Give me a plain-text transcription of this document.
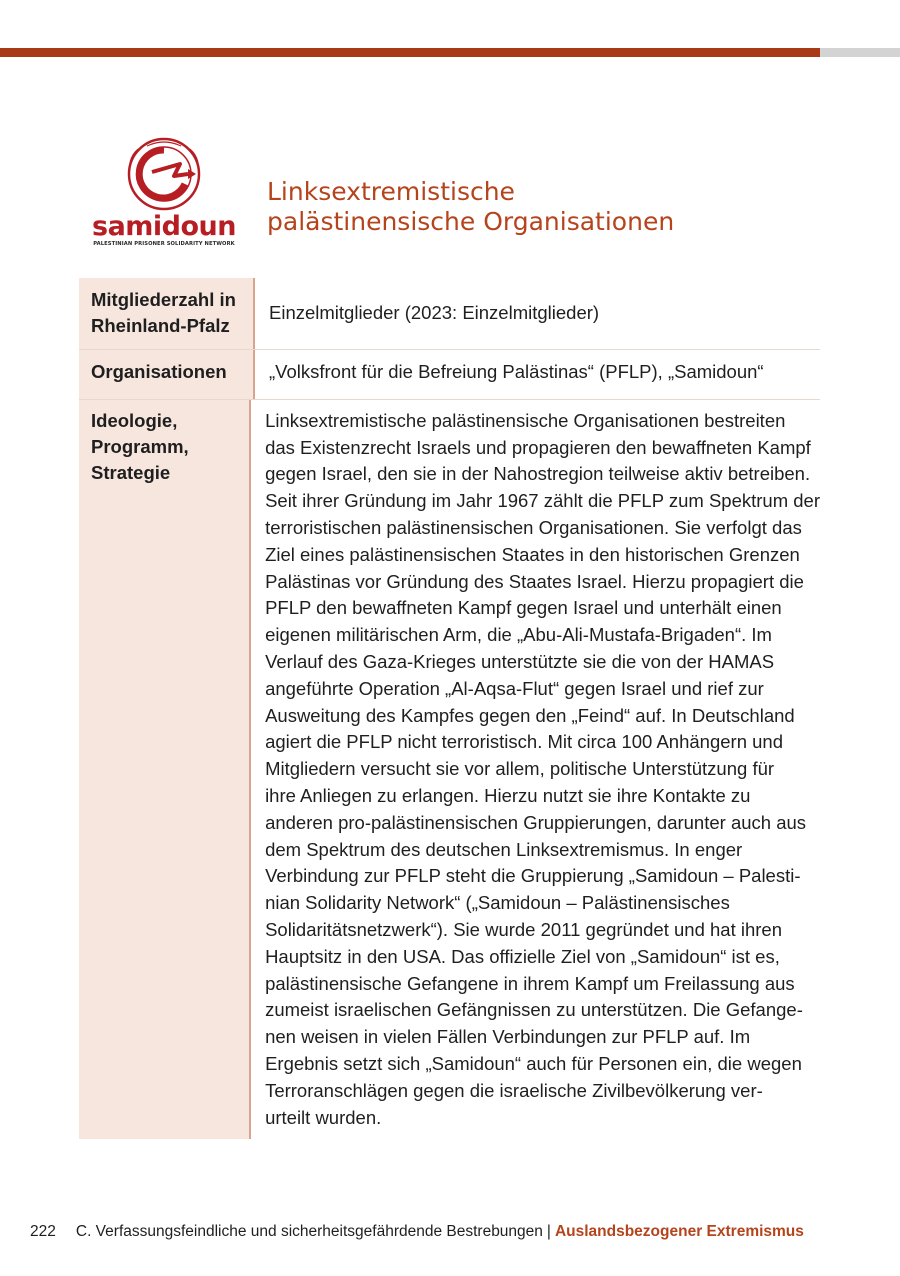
samidoun
PALESTINIAN PRISONER SOLIDARITY NETWORK
Linksextremistische
palästinensische Organisationen
Mitgliederzahl in
Rheinland-Pfalz
Einzelmitglieder (2023: Einzelmitglieder)
Organisationen	„Volksfront für die Befreiung Palästinas“ (PFLP), „Samidoun“
Ideologie,
Programm,
Strategie
Linksextremistische palästinensische Organisationen bestreiten
das Existenzrecht Israels und propagieren den bewaffneten Kampf
gegen Israel, den sie in der Nahostregion teilweise aktiv betreiben.
Seit ihrer Gründung im Jahr 1967 zählt die PFLP zum Spektrum der
terroristischen palästinensischen Organisationen. Sie verfolgt das
Ziel eines palästinensischen Staates in den historischen Grenzen
Palästinas vor Gründung des Staates Israel. Hierzu propagiert die
PFLP den bewaffneten Kampf gegen Israel und unterhält einen
eigenen militärischen Arm, die „Abu-Ali-Mustafa-Brigaden“. Im
Verlauf des Gaza-Krieges unterstützte sie die von der HAMAS
angeführte Operation „Al-Aqsa-Flut“ gegen Israel und rief zur
Ausweitung des Kampfes gegen den „Feind“ auf. In Deutschland
agiert die PFLP nicht terroristisch. Mit circa 100 Anhängern und
Mitgliedern versucht sie vor allem, politische Unterstützung für
ihre Anliegen zu erlangen. Hierzu nutzt sie ihre Kontakte zu
anderen pro-palästinensischen Gruppierungen, darunter auch aus
dem Spektrum des deutschen Linksextremismus. In enger
Verbindung zur PFLP steht die Gruppierung „Samidoun – Palesti-
nian Solidarity Network“ („Samidoun – Palästinensisches
Solidaritätsnetzwerk“). Sie wurde 2011 gegründet und hat ihren
Hauptsitz in den USA. Das offizielle Ziel von „Samidoun“ ist es,
palästinensische Gefangene in ihrem Kampf um Freilassung aus
zumeist israelischen Gefängnissen zu unterstützen. Die Gefange-
nen weisen in vielen Fällen Verbindungen zur PFLP auf. Im
Ergebnis setzt sich „Samidoun“ auch für Personen ein, die wegen
Terroranschlägen gegen die israelische Zivilbevölkerung ver-
urteilt wurden.
222 C. Verfassungsfeindliche und sicherheitsgefährdende Bestrebungen | Auslandsbezogener Extremismus
